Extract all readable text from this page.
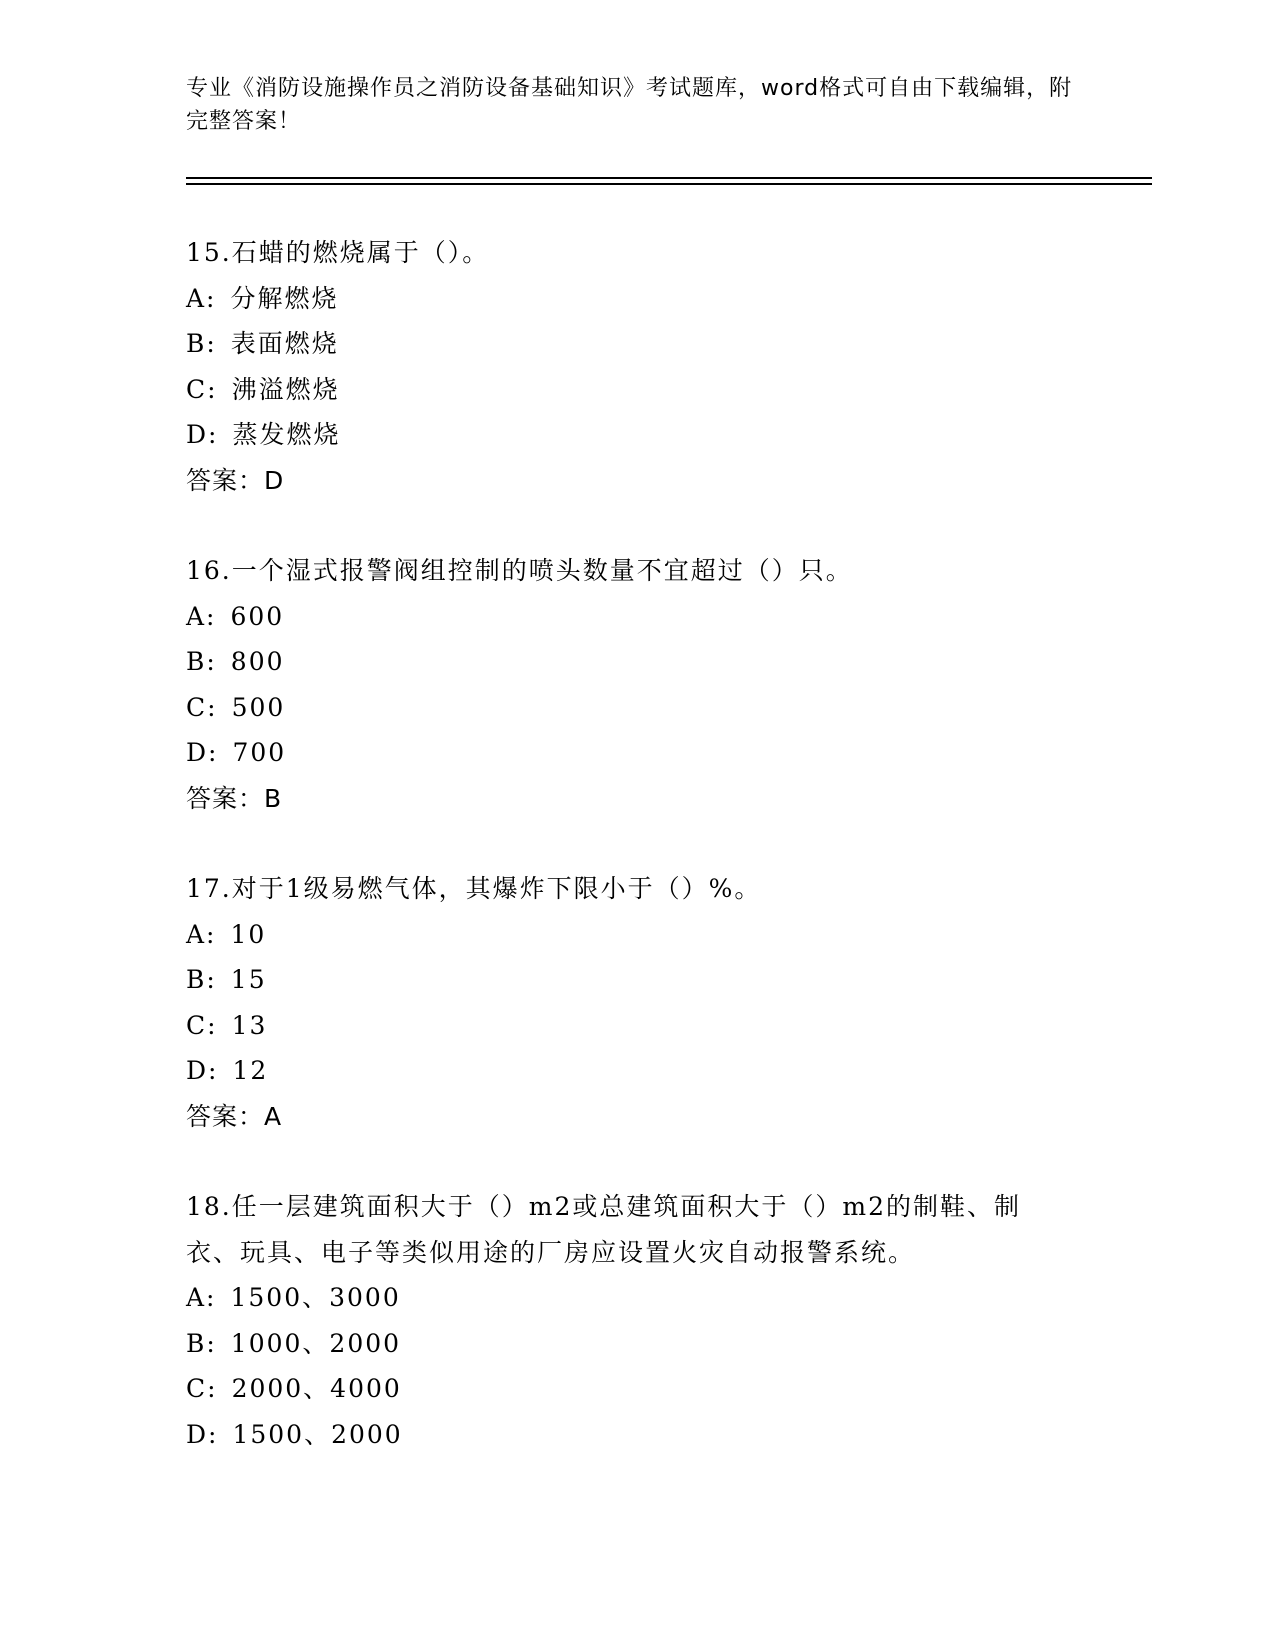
专业《消防设施操作员之消防设备基础知识》考试题库，word格式可自由下载编辑，附完整答案！
15.石蜡的燃烧属于（）。
A: 分解燃烧
B: 表面燃烧
C: 沸溢燃烧
D: 蒸发燃烧
答案：D
16.一个湿式报警阀组控制的喷头数量不宜超过（）只。
A: 600
B: 800
C: 500
D: 700
答案：B
17.对于1级易燃气体，其爆炸下限小于（）%。
A: 10
B: 15
C: 13
D: 12
答案：A
18.任一层建筑面积大于（）m2或总建筑面积大于（）m2的制鞋、制衣、玩具、电子等类似用途的厂房应设置火灾自动报警系统。
A: 1500、3000
B: 1000、2000
C: 2000、4000
D: 1500、2000
